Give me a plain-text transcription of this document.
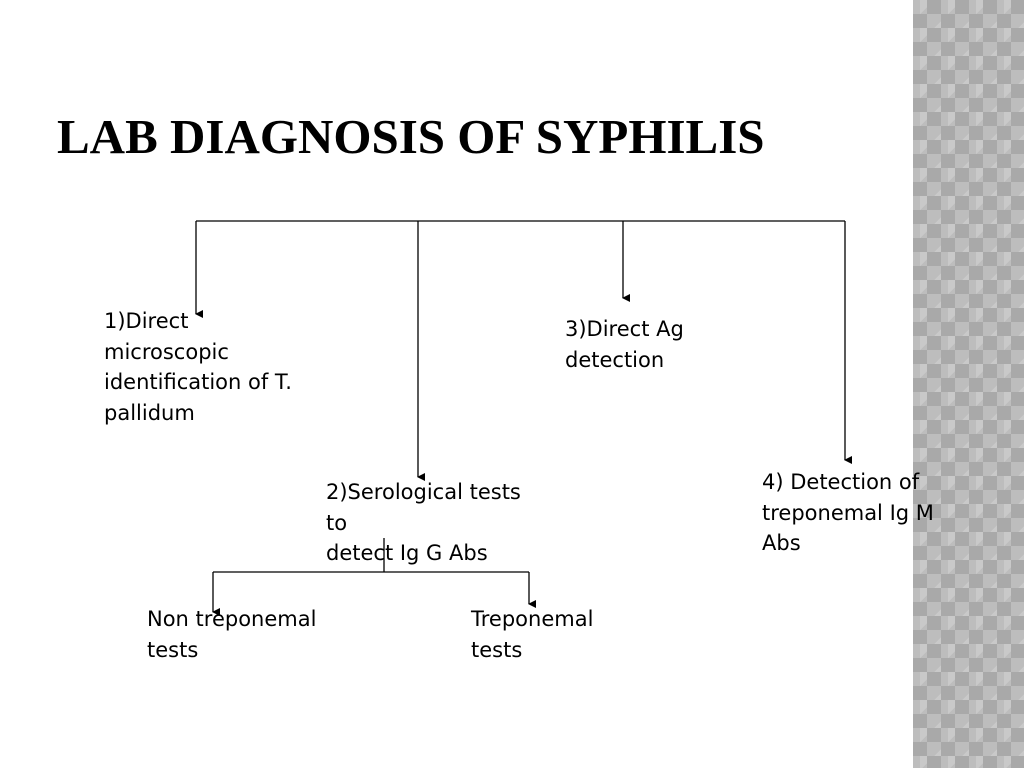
LAB DIAGNOSIS OF SYPHILIS

1)Direct
microscopic
identification of T.
pallidum

2)Serological tests
to
detect Ig G Abs

3)Direct Ag
detection

4) Detection of
treponemal Ig M
Abs

Non treponemal
tests

Treponemal
tests
